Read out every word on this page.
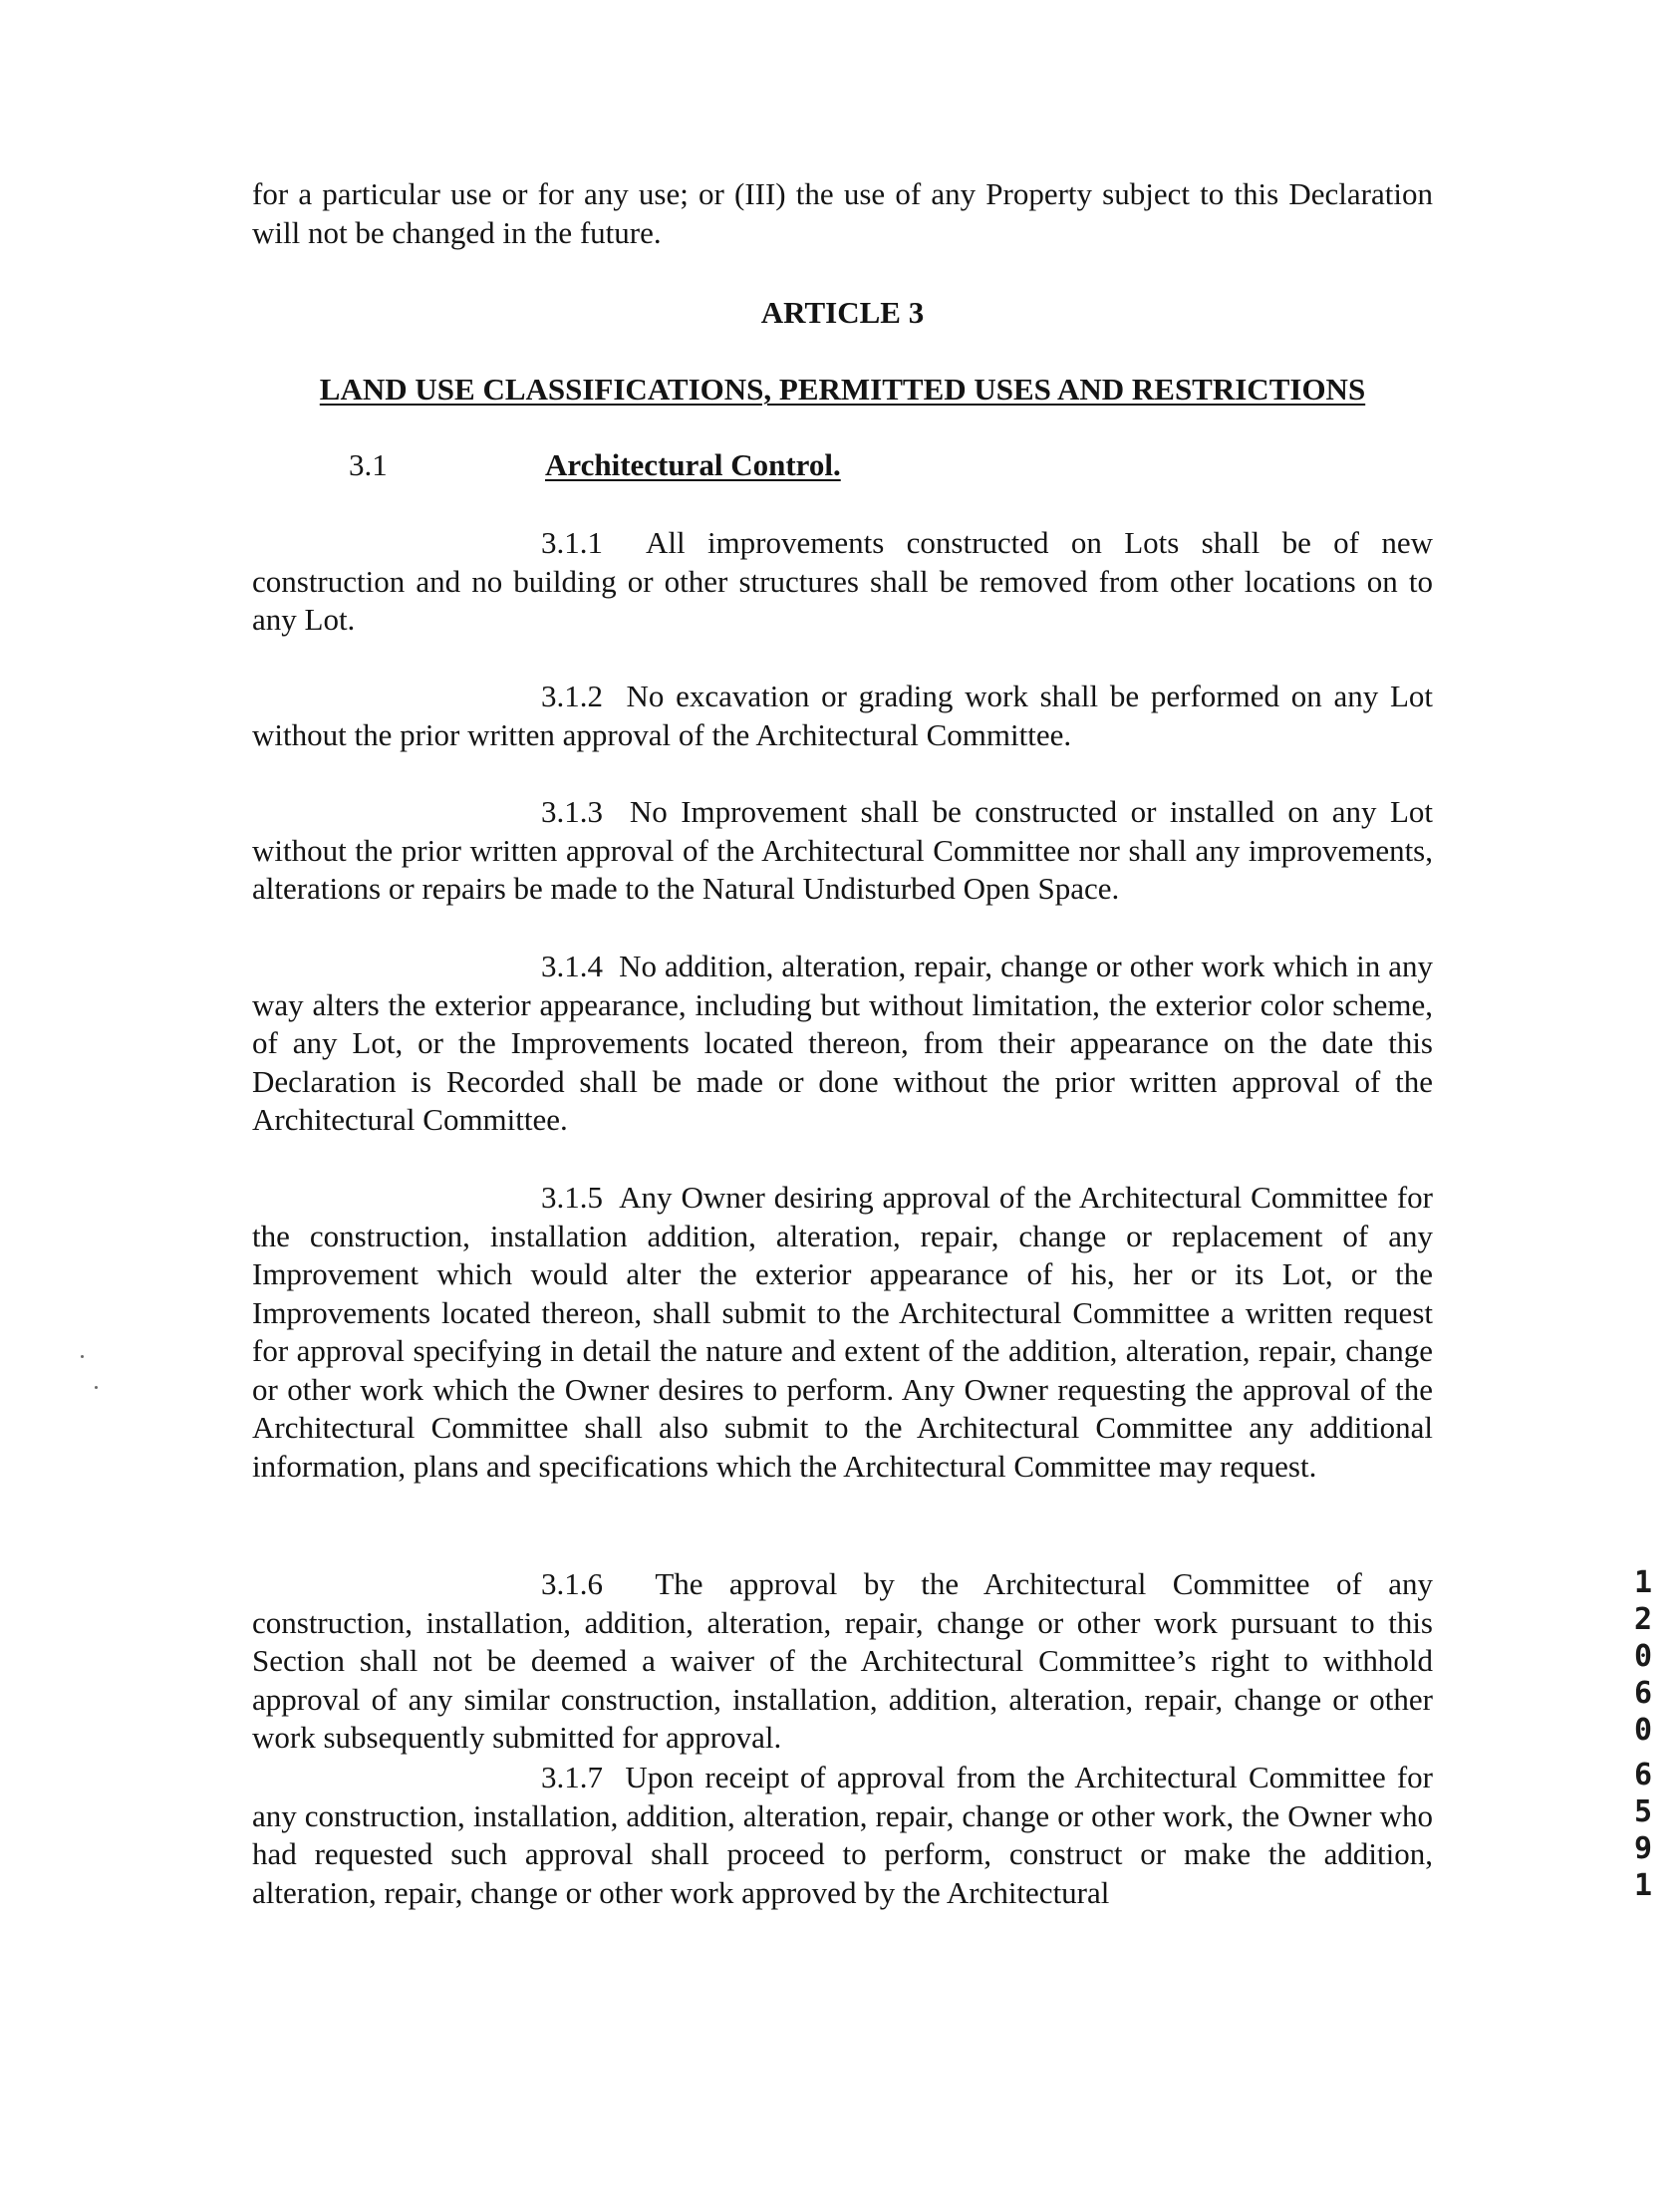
for a particular use or for any use; or (III) the use of any Property subject to this Declaration will not be changed in the future.
ARTICLE 3
LAND USE CLASSIFICATIONS, PERMITTED USES AND RESTRICTIONS
3.1	Architectural Control.
3.1.1 All improvements constructed on Lots shall be of new construction and no building or other structures shall be removed from other locations on to any Lot.
3.1.2 No excavation or grading work shall be performed on any Lot without the prior written approval of the Architectural Committee.
3.1.3 No Improvement shall be constructed or installed on any Lot without the prior written approval of the Architectural Committee nor shall any improvements, alterations or repairs be made to the Natural Undisturbed Open Space.
3.1.4 No addition, alteration, repair, change or other work which in any way alters the exterior appearance, including but without limitation, the exterior color scheme, of any Lot, or the Improvements located thereon, from their appearance on the date this Declaration is Recorded shall be made or done without the prior written approval of the Architectural Committee.
3.1.5 Any Owner desiring approval of the Architectural Committee for the construction, installation addition, alteration, repair, change or replacement of any Improvement which would alter the exterior appearance of his, her or its Lot, or the Improvements located thereon, shall submit to the Architectural Committee a written request for approval specifying in detail the nature and extent of the addition, alteration, repair, change or other work which the Owner desires to perform. Any Owner requesting the approval of the Architectural Committee shall also submit to the Architectural Committee any additional information, plans and specifications which the Architectural Committee may request.
3.1.6 The approval by the Architectural Committee of any construction, installation, addition, alteration, repair, change or other work pursuant to this Section shall not be deemed a waiver of the Architectural Committee’s right to withhold approval of any similar construction, installation, addition, alteration, repair, change or other work subsequently submitted for approval.
3.1.7 Upon receipt of approval from the Architectural Committee for any construction, installation, addition, alteration, repair, change or other work, the Owner who had requested such approval shall proceed to perform, construct or make the addition, alteration, repair, change or other work approved by the Architectural
1
2
0
6
0
6
5
9
1
